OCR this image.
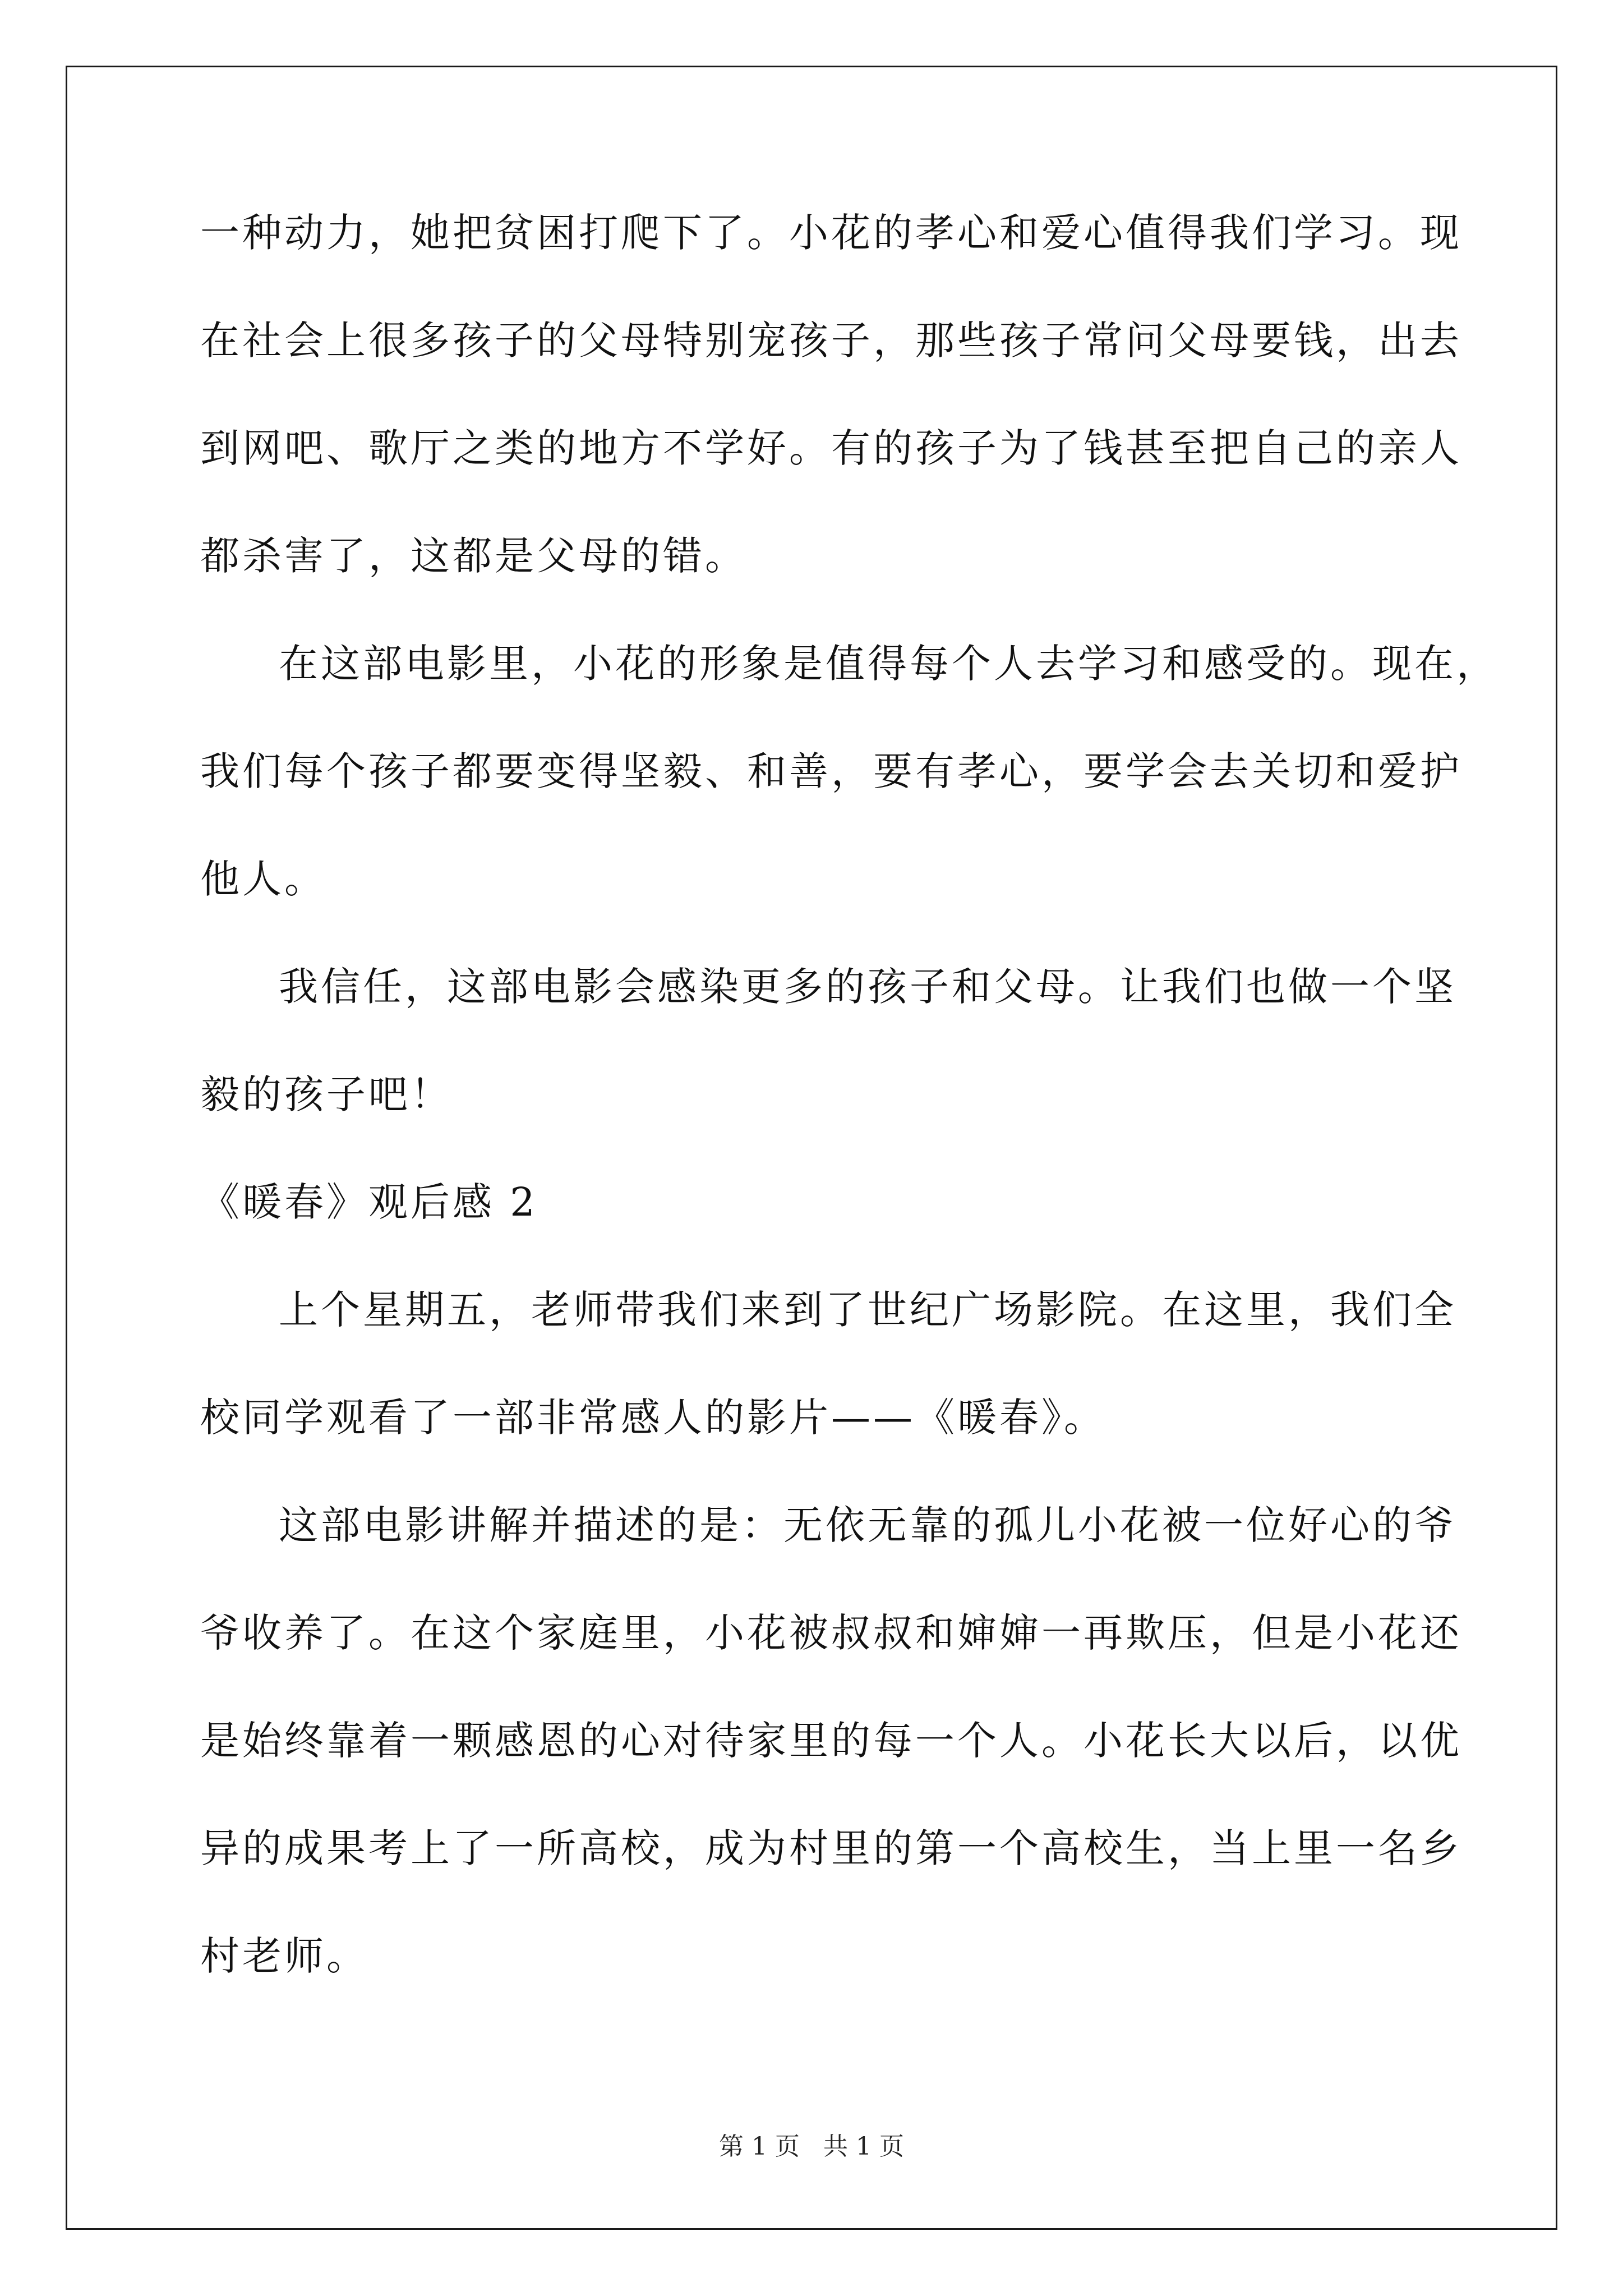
一种动力，她把贫困打爬下了。小花的孝心和爱心值得我们学习。现
在社会上很多孩子的父母特别宠孩子，那些孩子常问父母要钱，出去
到网吧、歌厅之类的地方不学好。有的孩子为了钱甚至把自己的亲人
都杀害了，这都是父母的错。
在这部电影里，小花的形象是值得每个人去学习和感受的。现在，
我们每个孩子都要变得坚毅、和善，要有孝心，要学会去关切和爱护
他人。
我信任，这部电影会感染更多的孩子和父母。让我们也做一个坚
毅的孩子吧！
《暖春》观后感 2
上个星期五，老师带我们来到了世纪广场影院。在这里，我们全
校同学观看了一部非常感人的影片——《暖春》。
这部电影讲解并描述的是：无依无靠的孤儿小花被一位好心的爷
爷收养了。在这个家庭里，小花被叔叔和婶婶一再欺压，但是小花还
是始终靠着一颗感恩的心对待家里的每一个人。小花长大以后，以优
异的成果考上了一所高校，成为村里的第一个高校生，当上里一名乡
村老师。
第 1 页   共 1 页
